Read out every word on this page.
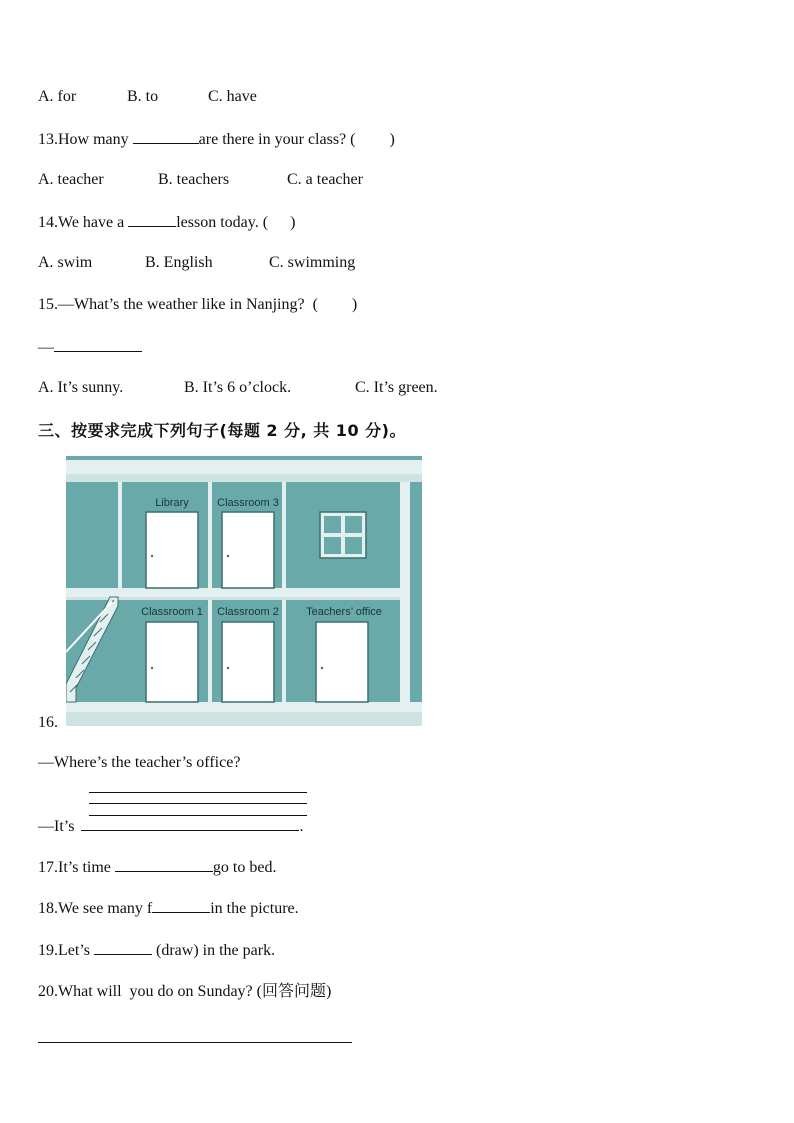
A. for	B. to	C. have
13.How many	are there in your class? ( )
A. teacher	B. teachers	C. a teacher
14.We have a	lesson today. ( )
A. swim	B. English	C. swimming
15.—What’s the weather like in Nanjing?  ( )
—
A. It’s sunny.	B. It’s 6 o’clock.	C. It’s green.
三、按要求完成下列句子(每题 2 分, 共 10 分)。
Library	Classroom 3
Classroom 1 Classroom 2 Teachers’ office
16.
—Where’s the teacher’s office?
—It’s	.
17.It’s time	go to bed.
18.We see many f	in the picture.
19.Let’s	(draw) in the park.
20.What will  you do on Sunday? (回答问题)
